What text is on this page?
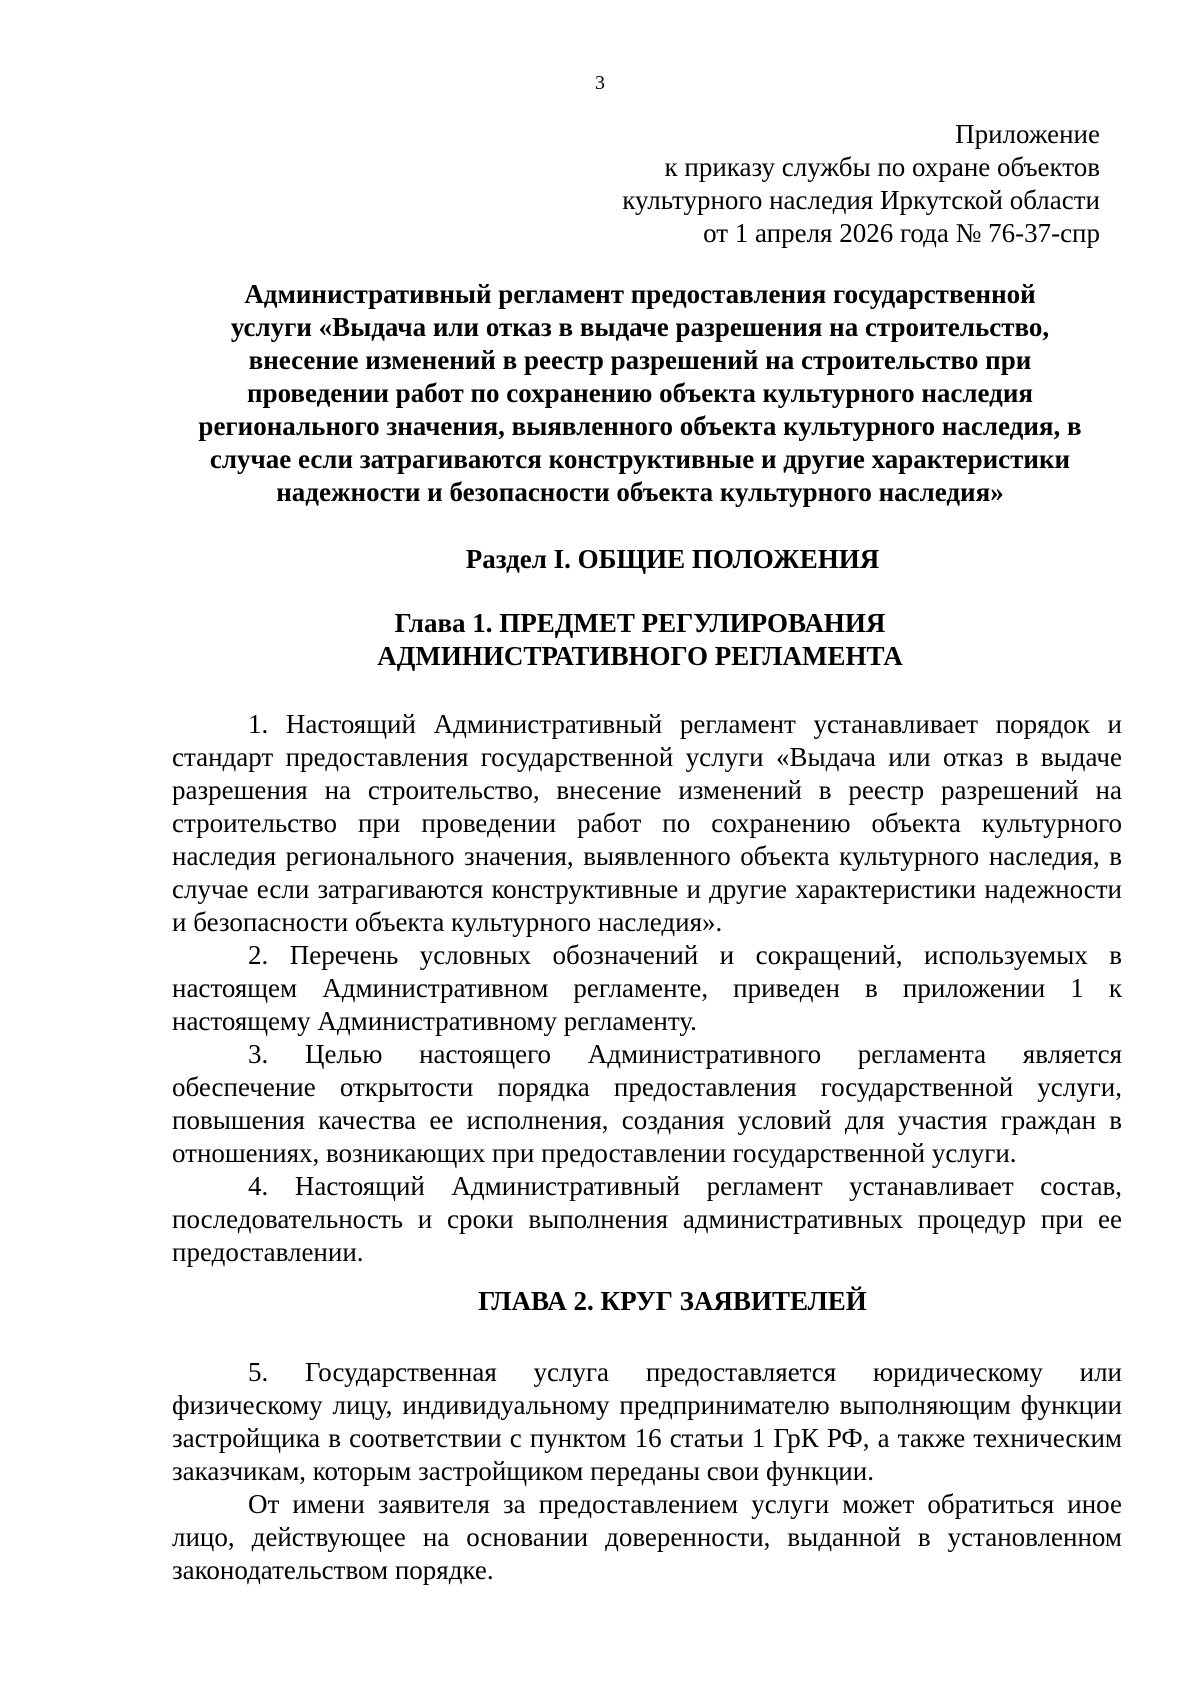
3
Приложение
к приказу службы по охране объектов
культурного наследия Иркутской области
от 1 апреля 2026 года № 76-37-спр
Административный регламент предоставления государственной
услуги «Выдача или отказ в выдаче разрешения на строительство,
внесение изменений в реестр разрешений на строительство при
проведении работ по сохранению объекта культурного наследия
регионального значения, выявленного объекта культурного наследия, в
случае если затрагиваются конструктивные и другие характеристики
надежности и безопасности объекта культурного наследия»
Раздел I. ОБЩИЕ ПОЛОЖЕНИЯ
Глава 1. ПРЕДМЕТ РЕГУЛИРОВАНИЯ
АДМИНИСТРАТИВНОГО РЕГЛАМЕНТА

1. Настоящий Административный регламент устанавливает порядок и стандарт предоставления государственной услуги «Выдача или отказ в выдаче разрешения на строительство, внесение изменений в реестр разрешений на строительство при проведении работ по сохранению объекта культурного наследия регионального значения, выявленного объекта культурного наследия, в случае если затрагиваются конструктивные и другие характеристики надежности и безопасности объекта культурного наследия».

2. Перечень условных обозначений и сокращений, используемых в настоящем Административном регламенте, приведен в приложении 1 к настоящему Административному регламенту.

3. Целью настоящего Административного регламента является обеспечение открытости порядка предоставления государственной услуги, повышения качества ее исполнения, создания условий для участия граждан в отношениях, возникающих при предоставлении государственной услуги.

4. Настоящий Административный регламент устанавливает состав, последовательность и сроки выполнения административных процедур при ее предоставлении.

ГЛАВА 2. КРУГ ЗАЯВИТЕЛЕЙ

5. Государственная услуга предоставляется юридическому или физическому лицу, индивидуальному предпринимателю выполняющим функции застройщика в соответствии с пунктом 16 статьи 1 ГрК РФ, а также техническим заказчикам, которым застройщиком переданы свои функции.

От имени заявителя за предоставлением услуги может обратиться иное лицо, действующее на основании доверенности, выданной в установленном законодательством порядке.
